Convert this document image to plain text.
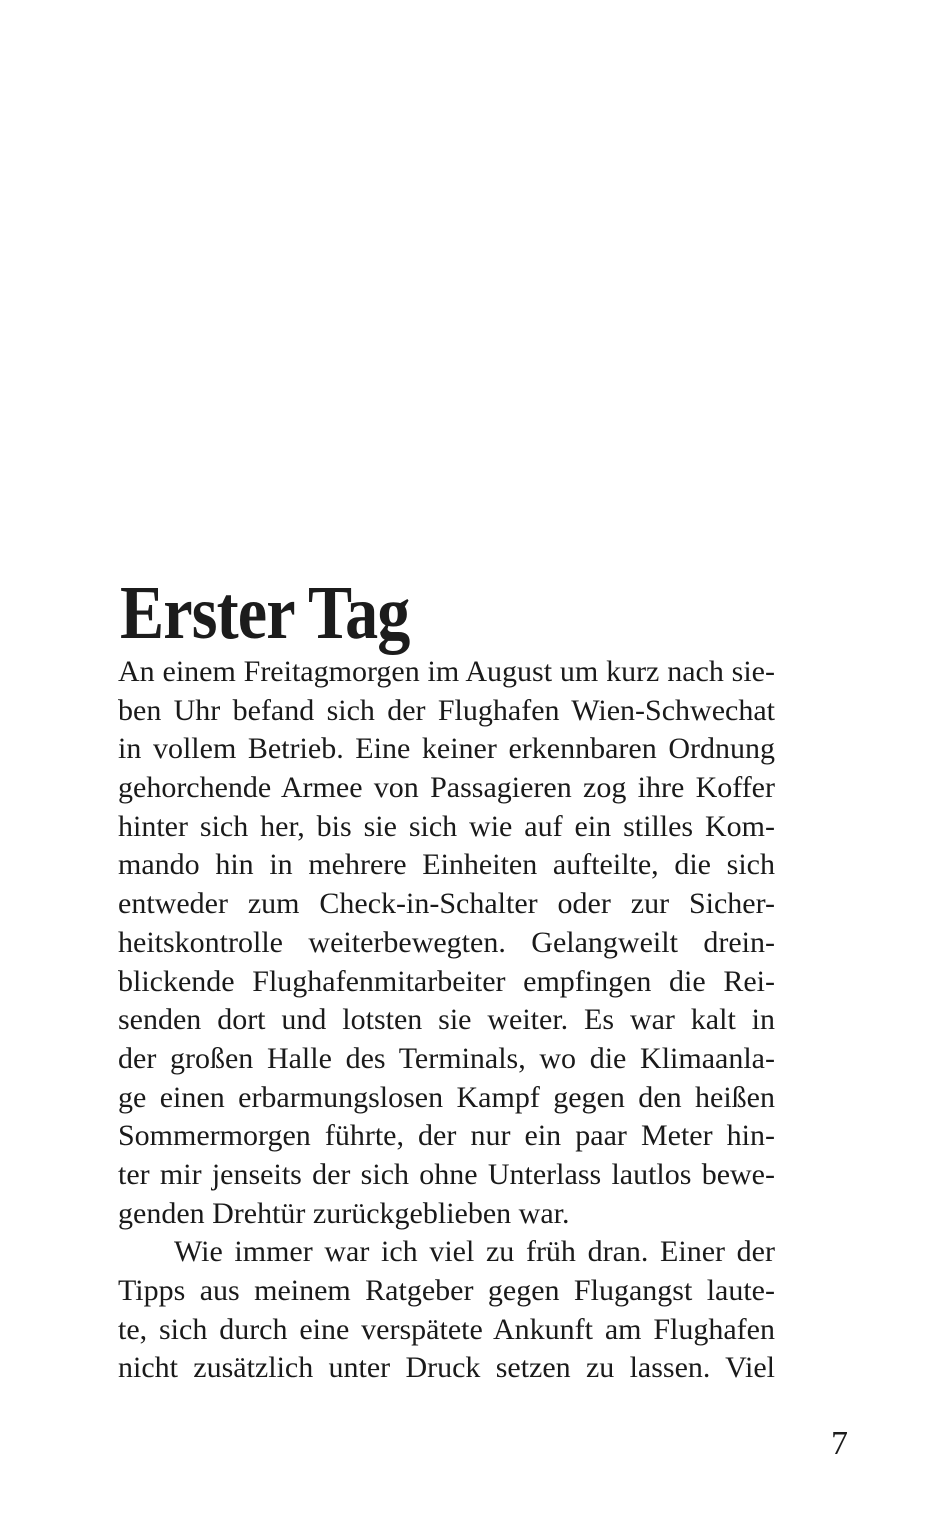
Erster Tag
An einem Freitagmorgen im August um kurz nach sie-
ben Uhr befand sich der Flughafen Wien-Schwechat
in vollem Betrieb. Eine keiner erkennbaren Ordnung
gehorchende Armee von Passagieren zog ihre Koffer
hinter sich her, bis sie sich wie auf ein stilles Kom-
mando hin in mehrere Einheiten aufteilte, die sich
entweder zum Check-in-Schalter oder zur Sicher-
heitskontrolle weiterbewegten. Gelangweilt drein-
blickende Flughafenmitarbeiter empfingen die Rei-
senden dort und lotsten sie weiter. Es war kalt in
der großen Halle des Terminals, wo die Klimaanla-
ge einen erbarmungslosen Kampf gegen den heißen
Sommermorgen führte, der nur ein paar Meter hin-
ter mir jenseits der sich ohne Unterlass lautlos bewe-
genden Drehtür zurückgeblieben war.
Wie immer war ich viel zu früh dran. Einer der
Tipps aus meinem Ratgeber gegen Flugangst laute-
te, sich durch eine verspätete Ankunft am Flughafen
nicht zusätzlich unter Druck setzen zu lassen. Viel
7
